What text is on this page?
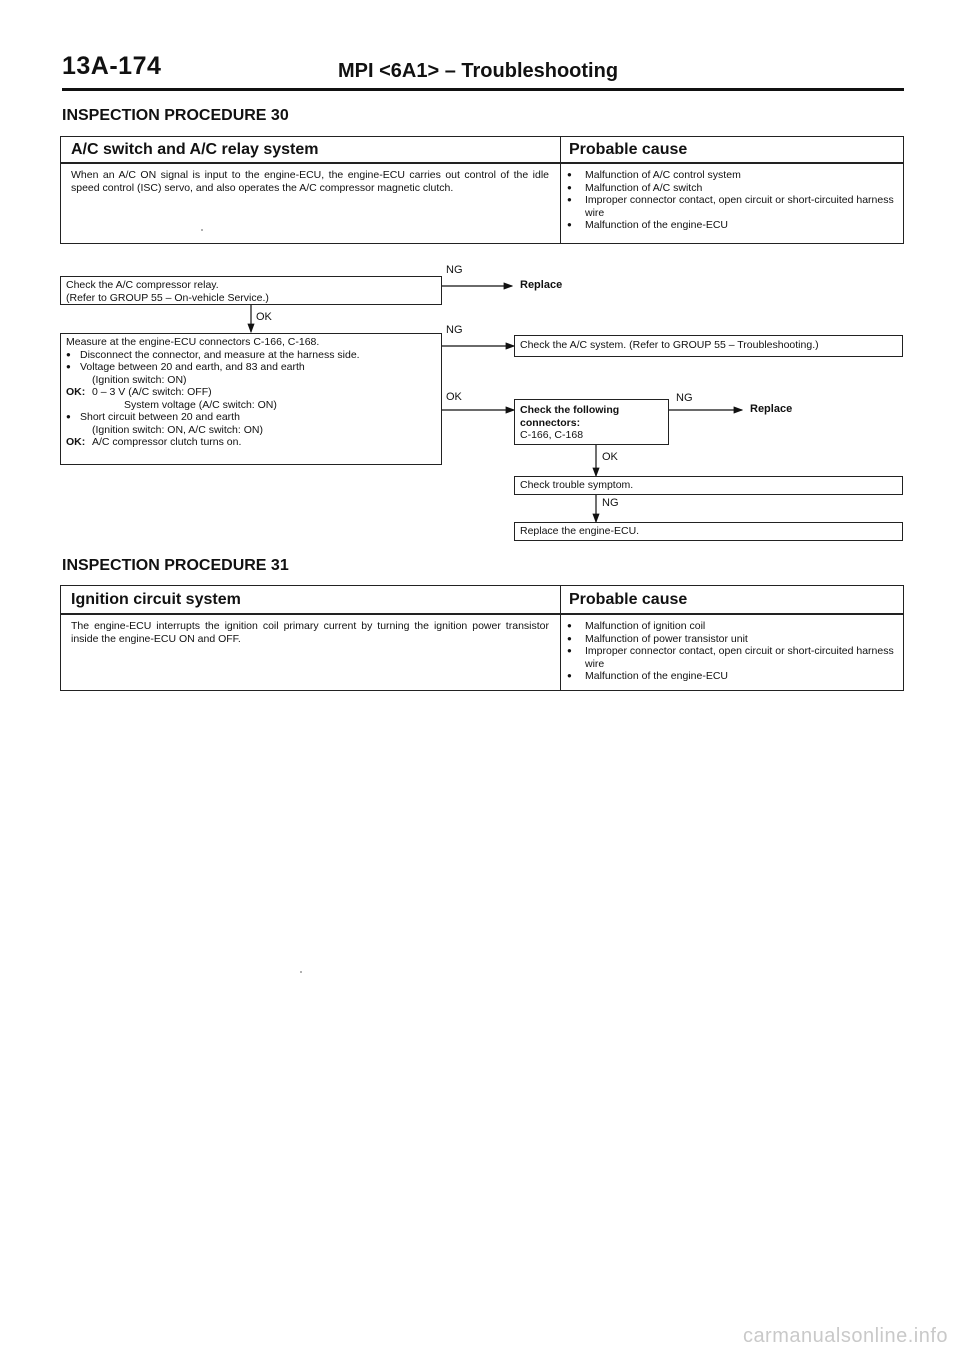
13A-174	MPI <6A1> – Troubleshooting
INSPECTION PROCEDURE 30
A/C switch and A/C relay system	Probable cause
When an A/C ON signal is input to the engine-ECU, the engine-ECU carries out control of the idle speed control (ISC) servo, and also operates the A/C compressor magnetic clutch.
● Malfunction of A/C control system
● Malfunction of A/C switch
● Improper connector contact, open circuit or short-circuited harness wire
● Malfunction of the engine-ECU
Check the A/C compressor relay.
(Refer to GROUP 55 – On-vehicle Service.)
NG
Replace
OK
Measure at the engine-ECU connectors C-166, C-168.
● Disconnect the connector, and measure at the harness side.
● Voltage between 20 and earth, and 83 and earth
(Ignition switch: ON)
OK: 0 – 3 V (A/C switch: OFF)
System voltage (A/C switch: ON)
● Short circuit between 20 and earth
(Ignition switch: ON, A/C switch: ON)
OK: A/C compressor clutch turns on.
NG
Check the A/C system. (Refer to GROUP 55 – Troubleshooting.)
OK
Check the following
connectors:
C-166, C-168
NG
Replace
OK
Check trouble symptom.
NG
Replace the engine-ECU.
INSPECTION PROCEDURE 31
Ignition circuit system	Probable cause
The engine-ECU interrupts the ignition coil primary current by turning the ignition power transistor inside the engine-ECU ON and OFF.
● Malfunction of ignition coil
● Malfunction of power transistor unit
● Improper connector contact, open circuit or short-circuited harness wire
● Malfunction of the engine-ECU
carmanualsonline.info
